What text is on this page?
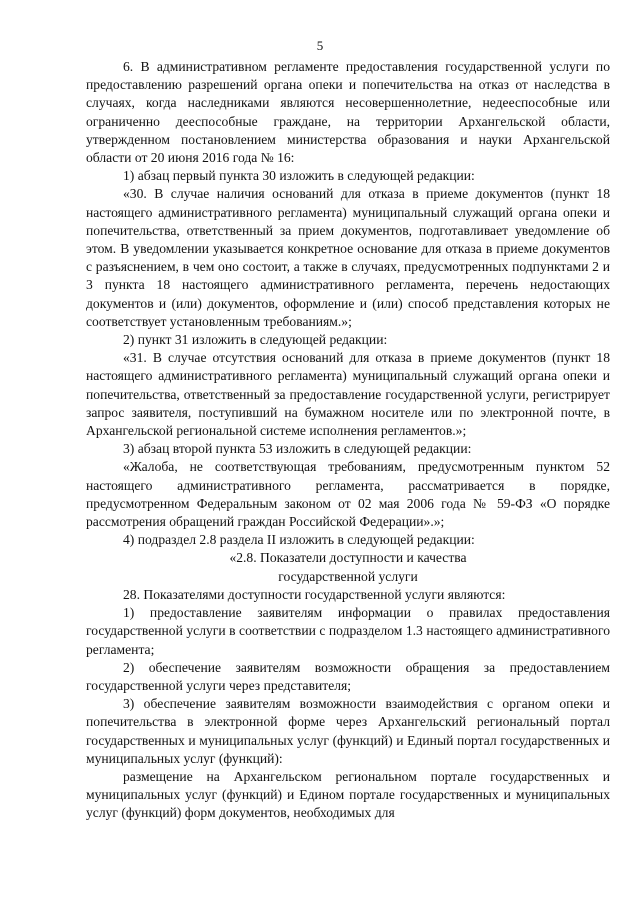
5

6. В административном регламенте предоставления государственной услуги по предоставлению разрешений органа опеки и попечительства на отказ от наследства в случаях, когда наследниками являются несовершеннолетние, недееспособные или ограниченно дееспособные граждане, на территории Архангельской области, утвержденном постановлением министерства образования и науки Архангельской области от 20 июня 2016 года № 16:

1) абзац первый пункта 30 изложить в следующей редакции:

«30. В случае наличия оснований для отказа в приеме документов (пункт 18 настоящего административного регламента) муниципальный служащий органа опеки и попечительства, ответственный за прием документов, подготавливает уведомление об этом. В уведомлении указывается конкретное основание для отказа в приеме документов с разъяснением, в чем оно состоит, а также в случаях, предусмотренных подпунктами 2 и 3 пункта 18 настоящего административного регламента, перечень недостающих документов и (или) документов, оформление и (или) способ представления которых не соответствует установленным требованиям.»;

2) пункт 31 изложить в следующей редакции:

«31. В случае отсутствия оснований для отказа в приеме документов (пункт 18 настоящего административного регламента) муниципальный служащий органа опеки и попечительства, ответственный за предоставление государственной услуги, регистрирует запрос заявителя, поступивший на бумажном носителе или по электронной почте, в Архангельской региональной системе исполнения регламентов.»;

3) абзац второй пункта 53 изложить в следующей редакции:

«Жалоба, не соответствующая требованиям, предусмотренным пунктом 52 настоящего административного регламента, рассматривается в порядке, предусмотренном Федеральным законом от 02 мая 2006 года № 59-ФЗ «О порядке рассмотрения обращений граждан Российской Федерации».»;

4) подраздел 2.8 раздела II изложить в следующей редакции:

«2.8. Показатели доступности и качества

государственной услуги

28. Показателями доступности государственной услуги являются:

1) предоставление заявителям информации о правилах предоставления государственной услуги в соответствии с подразделом 1.3 настоящего административного регламента;

2) обеспечение заявителям возможности обращения за предоставлением государственной услуги через представителя;

3) обеспечение заявителям возможности взаимодействия с органом опеки и попечительства в электронной форме через Архангельский региональный портал государственных и муниципальных услуг (функций) и Единый портал государственных и муниципальных услуг (функций):

размещение на Архангельском региональном портале государственных и муниципальных услуг (функций) и Едином портале государственных и муниципальных услуг (функций) форм документов, необходимых для
